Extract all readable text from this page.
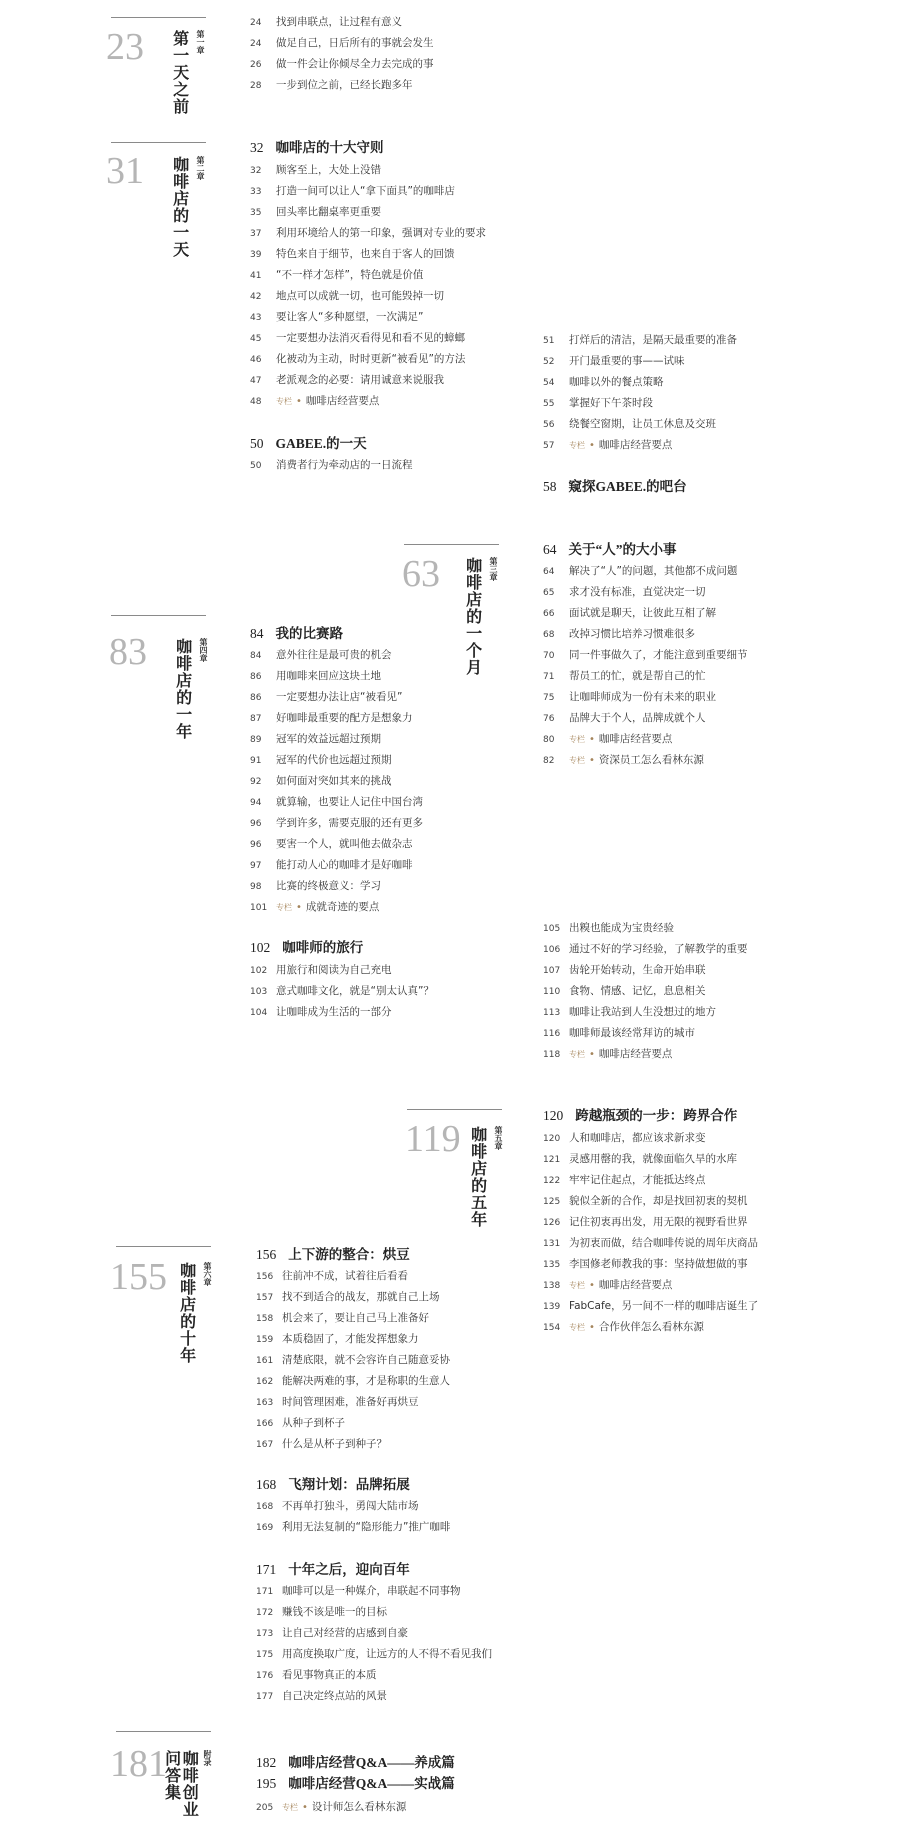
23 第一天之前 第一章
24 找到串联点，让过程有意义
24 做足自己，日后所有的事就会发生
26 做一件会让你倾尽全力去完成的事
28 一步到位之前，已经长跑多年
31 咖啡店的一天 第二章
32 咖啡店的十大守则
32 顾客至上，大处上没错
33 打造一间可以让人“拿下面具”的咖啡店
35 回头率比翻桌率更重要
37 利用环境给人的第一印象，强调对专业的要求
39 特色来自于细节，也来自于客人的回馈
41 “不一样才怎样”，特色就是价值
42 地点可以成就一切，也可能毁掉一切
43 要让客人“多种愿望，一次满足”
45 一定要想办法消灭看得见和看不见的蟑螂
46 化被动为主动，时时更新“被看见”的方法
47 老派观念的必要：请用诚意来说服我
48 专栏 • 咖啡店经营要点
50 GABEE.的一天
50 消费者行为牵动店的一日流程
51 打烊后的清洁，是隔天最重要的准备
52 开门最重要的事——试味
54 咖啡以外的餐点策略
55 掌握好下午茶时段
56 绕餐空窗期，让员工休息及交班
57 专栏 • 咖啡店经营要点
58 窥探GABEE.的吧台
63 咖啡店的一个月 第三章
64 关于“人”的大小事
64 解决了“人”的问题，其他都不成问题
65 求才没有标准，直觉决定一切
66 面试就是聊天，让彼此互相了解
68 改掉习惯比培养习惯难很多
70 同一件事做久了，才能注意到重要细节
71 帮员工的忙，就是帮自己的忙
75 让咖啡师成为一份有未来的职业
76 品牌大于个人，品牌成就个人
80 专栏 • 咖啡店经营要点
82 专栏 • 资深员工怎么看林东源
83 咖啡店的一年 第四章
84 我的比赛路
84 意外往往是最可贵的机会
86 用咖啡来回应这块土地
86 一定要想办法让店“被看见”
87 好咖啡最重要的配方是想象力
89 冠军的效益远超过预期
91 冠军的代价也远超过预期
92 如何面对突如其来的挑战
94 就算输，也要让人记住中国台湾
96 学到许多，需要克服的还有更多
96 要害一个人，就叫他去做杂志
97 能打动人心的咖啡才是好咖啡
98 比赛的终极意义：学习
101 专栏 • 成就奇迹的要点
102 咖啡师的旅行
102 用旅行和阅读为自己充电
103 意式咖啡文化，就是“别太认真”？
104 让咖啡成为生活的一部分
105 出糗也能成为宝贵经验
106 通过不好的学习经验，了解教学的重要
107 齿轮开始转动，生命开始串联
110 食物、情感、记忆，息息相关
113 咖啡让我站到人生没想过的地方
116 咖啡师最该经常拜访的城市
118 专栏 • 咖啡店经营要点
119 咖啡店的五年 第五章
120 跨越瓶颈的一步：跨界合作
120 人和咖啡店，都应该求新求变
121 灵感用罄的我，就像面临久旱的水库
122 牢牢记住起点，才能抵达终点
125 貌似全新的合作，却是找回初衷的契机
126 记住初衷再出发，用无限的视野看世界
131 为初衷而做，结合咖啡传说的周年庆商品
135 李国修老师教我的事：坚持做想做的事
138 专栏 • 咖啡店经营要点
139 FabCafe，另一间不一样的咖啡店诞生了
154 专栏 • 合作伙伴怎么看林东源
155 咖啡店的十年 第六章
156 上下游的整合：烘豆
156 往前冲不成，试着往后看看
157 找不到适合的战友，那就自己上场
158 机会来了，要让自己马上准备好
159 本质稳固了，才能发挥想象力
161 清楚底限，就不会容许自己随意妥协
162 能解决两难的事，才是称职的生意人
163 时间管理困难，准备好再烘豆
166 从种子到杯子
167 什么是从杯子到种子？
168 飞翔计划：品牌拓展
168 不再单打独斗，勇闯大陆市场
169 利用无法复制的“隐形能力”推广咖啡
171 十年之后，迎向百年
171 咖啡可以是一种媒介，串联起不同事物
172 赚钱不该是唯一的目标
173 让自己对经营的店感到自豪
175 用高度换取广度，让远方的人不得不看见我们
176 看见事物真正的本质
177 自己决定终点站的风景
181 咖啡创业问答集	附录	182 咖啡店经营Q&A——养成篇
195 咖啡店经营Q&A——实战篇
205 专栏 • 设计师怎么看林东源
